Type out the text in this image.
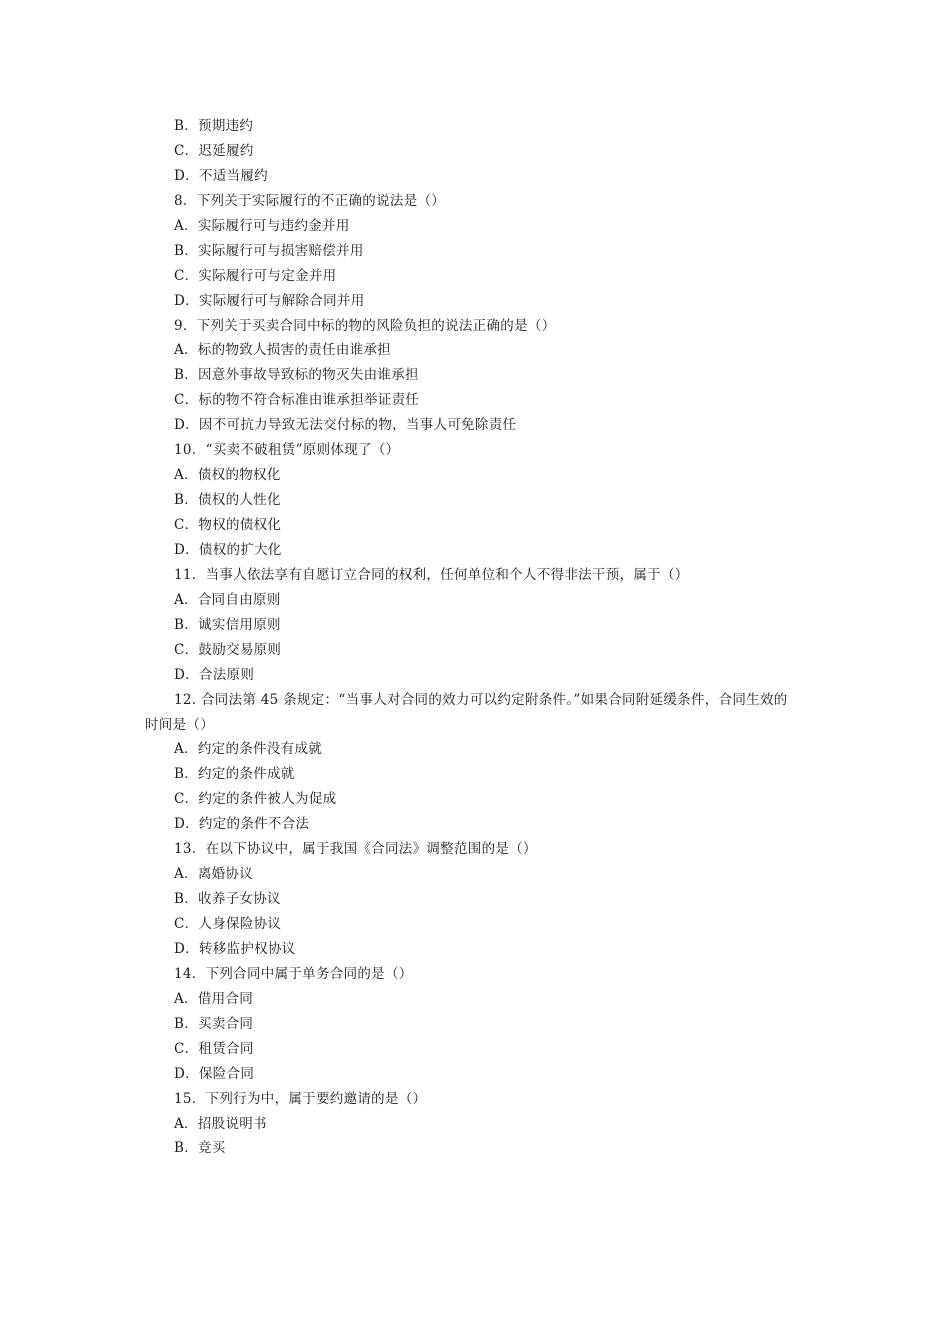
B．预期违约
C．迟延履约
D．不适当履约
8．下列关于实际履行的不正确的说法是（）
A．实际履行可与违约金并用
B．实际履行可与损害赔偿并用
C．实际履行可与定金并用
D．实际履行可与解除合同并用
9．下列关于买卖合同中标的物的风险负担的说法正确的是（）
A．标的物致人损害的责任由谁承担
B．因意外事故导致标的物灭失由谁承担
C．标的物不符合标准由谁承担举证责任
D．因不可抗力导致无法交付标的物，当事人可免除责任
10．“买卖不破租赁”原则体现了（）
A．债权的物权化
B．债权的人性化
C．物权的债权化
D．债权的扩大化
11．当事人依法享有自愿订立合同的权利，任何单位和个人不得非法干预，属于（）
A．合同自由原则
B．诚实信用原则
C．鼓励交易原则
D．合法原则
12. 合同法第 45 条规定：“当事人对合同的效力可以约定附条件。”如果合同附延缓条件，合同生效的
时间是（）
A．约定的条件没有成就
B．约定的条件成就
C．约定的条件被人为促成
D．约定的条件不合法
13．在以下协议中，属于我国《合同法》调整范围的是（）
A．离婚协议
B．收养子女协议
C．人身保险协议
D．转移监护权协议
14．下列合同中属于单务合同的是（）
A．借用合同
B．买卖合同
C．租赁合同
D．保险合同
15．下列行为中，属于要约邀请的是（）
A．招股说明书
B．竞买
